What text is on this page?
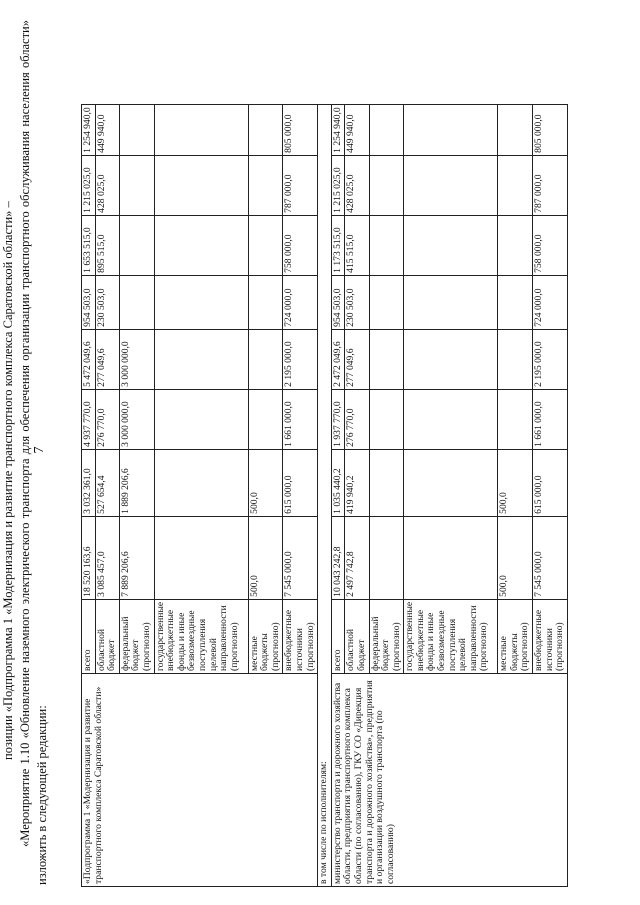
7

позиции «Подпрограмма 1 «Модернизация и развитие транспортного комплекса Саратовской области» – «Мероприятие 1.10 «Обновление наземного электрического транспорта для обеспечения организации транспортного обслуживания населения области» изложить в следующей редакции:	«Подпрограмма 1 «Модернизация и развитие транспортного комплекса Саратовской области»	всего	18 520 163,6	3 032 361,0	4 937 770,0	5 472 049,6	954 503,0	1 653 515,0	1 215 025,0	1 254 940,0
	областной бюджет	3 085 457,0	527 654,4	276 770,0	277 049,6	230 503,0	895 515,0	428 025,0	449 940,0
	федеральный бюджет (прогнозно)	7 889 206,6	1 889 206,6	3 000 000,0	3 000 000,0				
	государственные внебюджетные фонды и иные безвозмездные поступления целевой направленности (прогнозно)								
	местные бюджеты (прогнозно)	500,0	500,0						
	внебюджетные источники (прогнозно)	7 545 000,0	615 000,0	1 661 000,0	2 195 000,0	724 000,0	758 000,0	787 000,0	805 000,0
в том числе по исполнителям:									
министерство транспорта и дорожного хозяйства области, предприятия транспортного комплекса области (по согласованию), ГКУ СО «Дирекция транспорта и дорожного хозяйства», предприятия и организации воздушного транспорта (по согласованию)	всего	10 043 242,8	1 035 440,2	1 937 770,0	2 472 049,6	954 503,0	1 173 515,0	1 215 025,0	1 254 940,0
	областной бюджет	2 497 742,8	419 940,2	276 770,0	277 049,6	230 503,0	415 515,0	428 025,0	449 940,0
	федеральный бюджет (прогнозно)								
	государственные внебюджетные фонды и иные безвозмездные поступления целевой направленности (прогнозно)								
	местные бюджеты (прогнозно)	500,0	500,0						
	внебюджетные источники (прогнозно)	7 545 000,0	615 000,0	1 661 000,0	2 195 000,0	724 000,0	758 000,0	787 000,0	805 000,0
